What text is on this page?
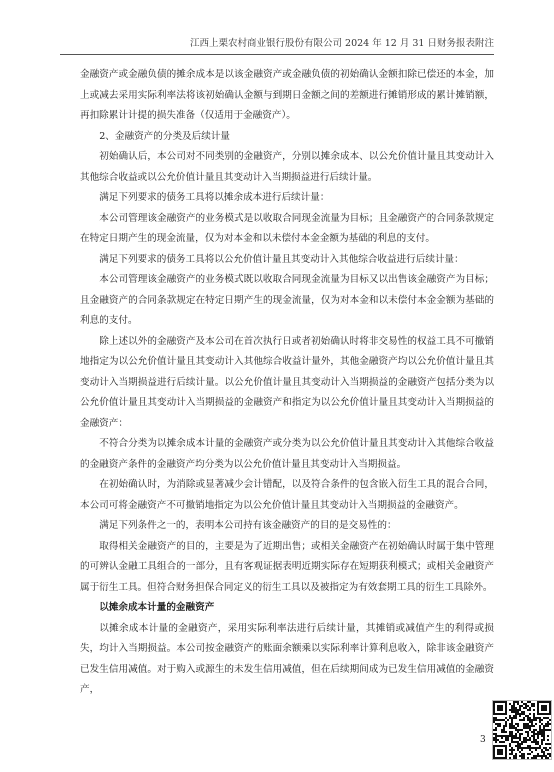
江西上栗农村商业银行股份有限公司 2024 年 12 月 31 日财务报表附注

金融资产或金融负债的摊余成本是以该金融资产或金融负债的初始确认金额扣除已偿还的本金，加上或减去采用实际利率法将该初始确认金额与到期日金额之间的差额进行摊销形成的累计摊销额，再扣除累计计提的损失准备（仅适用于金融资产）。

2、金融资产的分类及后续计量

初始确认后，本公司对不同类别的金融资产，分别以摊余成本、以公允价值计量且其变动计入其他综合收益或以公允价值计量且其变动计入当期损益进行后续计量。

满足下列要求的债务工具将以摊余成本进行后续计量：

本公司管理该金融资产的业务模式是以收取合同现金流量为目标；且金融资产的合同条款规定在特定日期产生的现金流量，仅为对本金和以未偿付本金金额为基础的利息的支付。

满足下列要求的债务工具将以公允价值计量且其变动计入其他综合收益进行后续计量：

本公司管理该金融资产的业务模式既以收取合同现金流量为目标又以出售该金融资产为目标；且金融资产的合同条款规定在特定日期产生的现金流量，仅为对本金和以未偿付本金金额为基础的利息的支付。

除上述以外的金融资产及本公司在首次执行日或者初始确认时将非交易性的权益工具不可撤销地指定为以公允价值计量且其变动计入其他综合收益计量外，其他金融资产均以公允价值计量且其变动计入当期损益进行后续计量。以公允价值计量且其变动计入当期损益的金融资产包括分类为以公允价值计量且其变动计入当期损益的金融资产和指定为以公允价值计量且其变动计入当期损益的金融资产：

不符合分类为以摊余成本计量的金融资产或分类为以公允价值计量且其变动计入其他综合收益的金融资产条件的金融资产均分类为以公允价值计量且其变动计入当期损益。

在初始确认时，为消除或显著减少会计错配，以及符合条件的包含嵌入衍生工具的混合合同，本公司可将金融资产不可撤销地指定为以公允价值计量且其变动计入当期损益的金融资产。

满足下列条件之一的，表明本公司持有该金融资产的目的是交易性的：

取得相关金融资产的目的，主要是为了近期出售；或相关金融资产在初始确认时属于集中管理的可辨认金融工具组合的一部分，且有客观证据表明近期实际存在短期获利模式；或相关金融资产属于衍生工具。但符合财务担保合同定义的衍生工具以及被指定为有效套期工具的衍生工具除外。

以摊余成本计量的金融资产

以摊余成本计量的金融资产，采用实际利率法进行后续计量，其摊销或减值产生的利得或损失，均计入当期损益。本公司按金融资产的账面余额乘以实际利率计算利息收入，除非该金融资产已发生信用减值。对于购入或源生的未发生信用减值，但在后续期间成为已发生信用减值的金融资产，

3
